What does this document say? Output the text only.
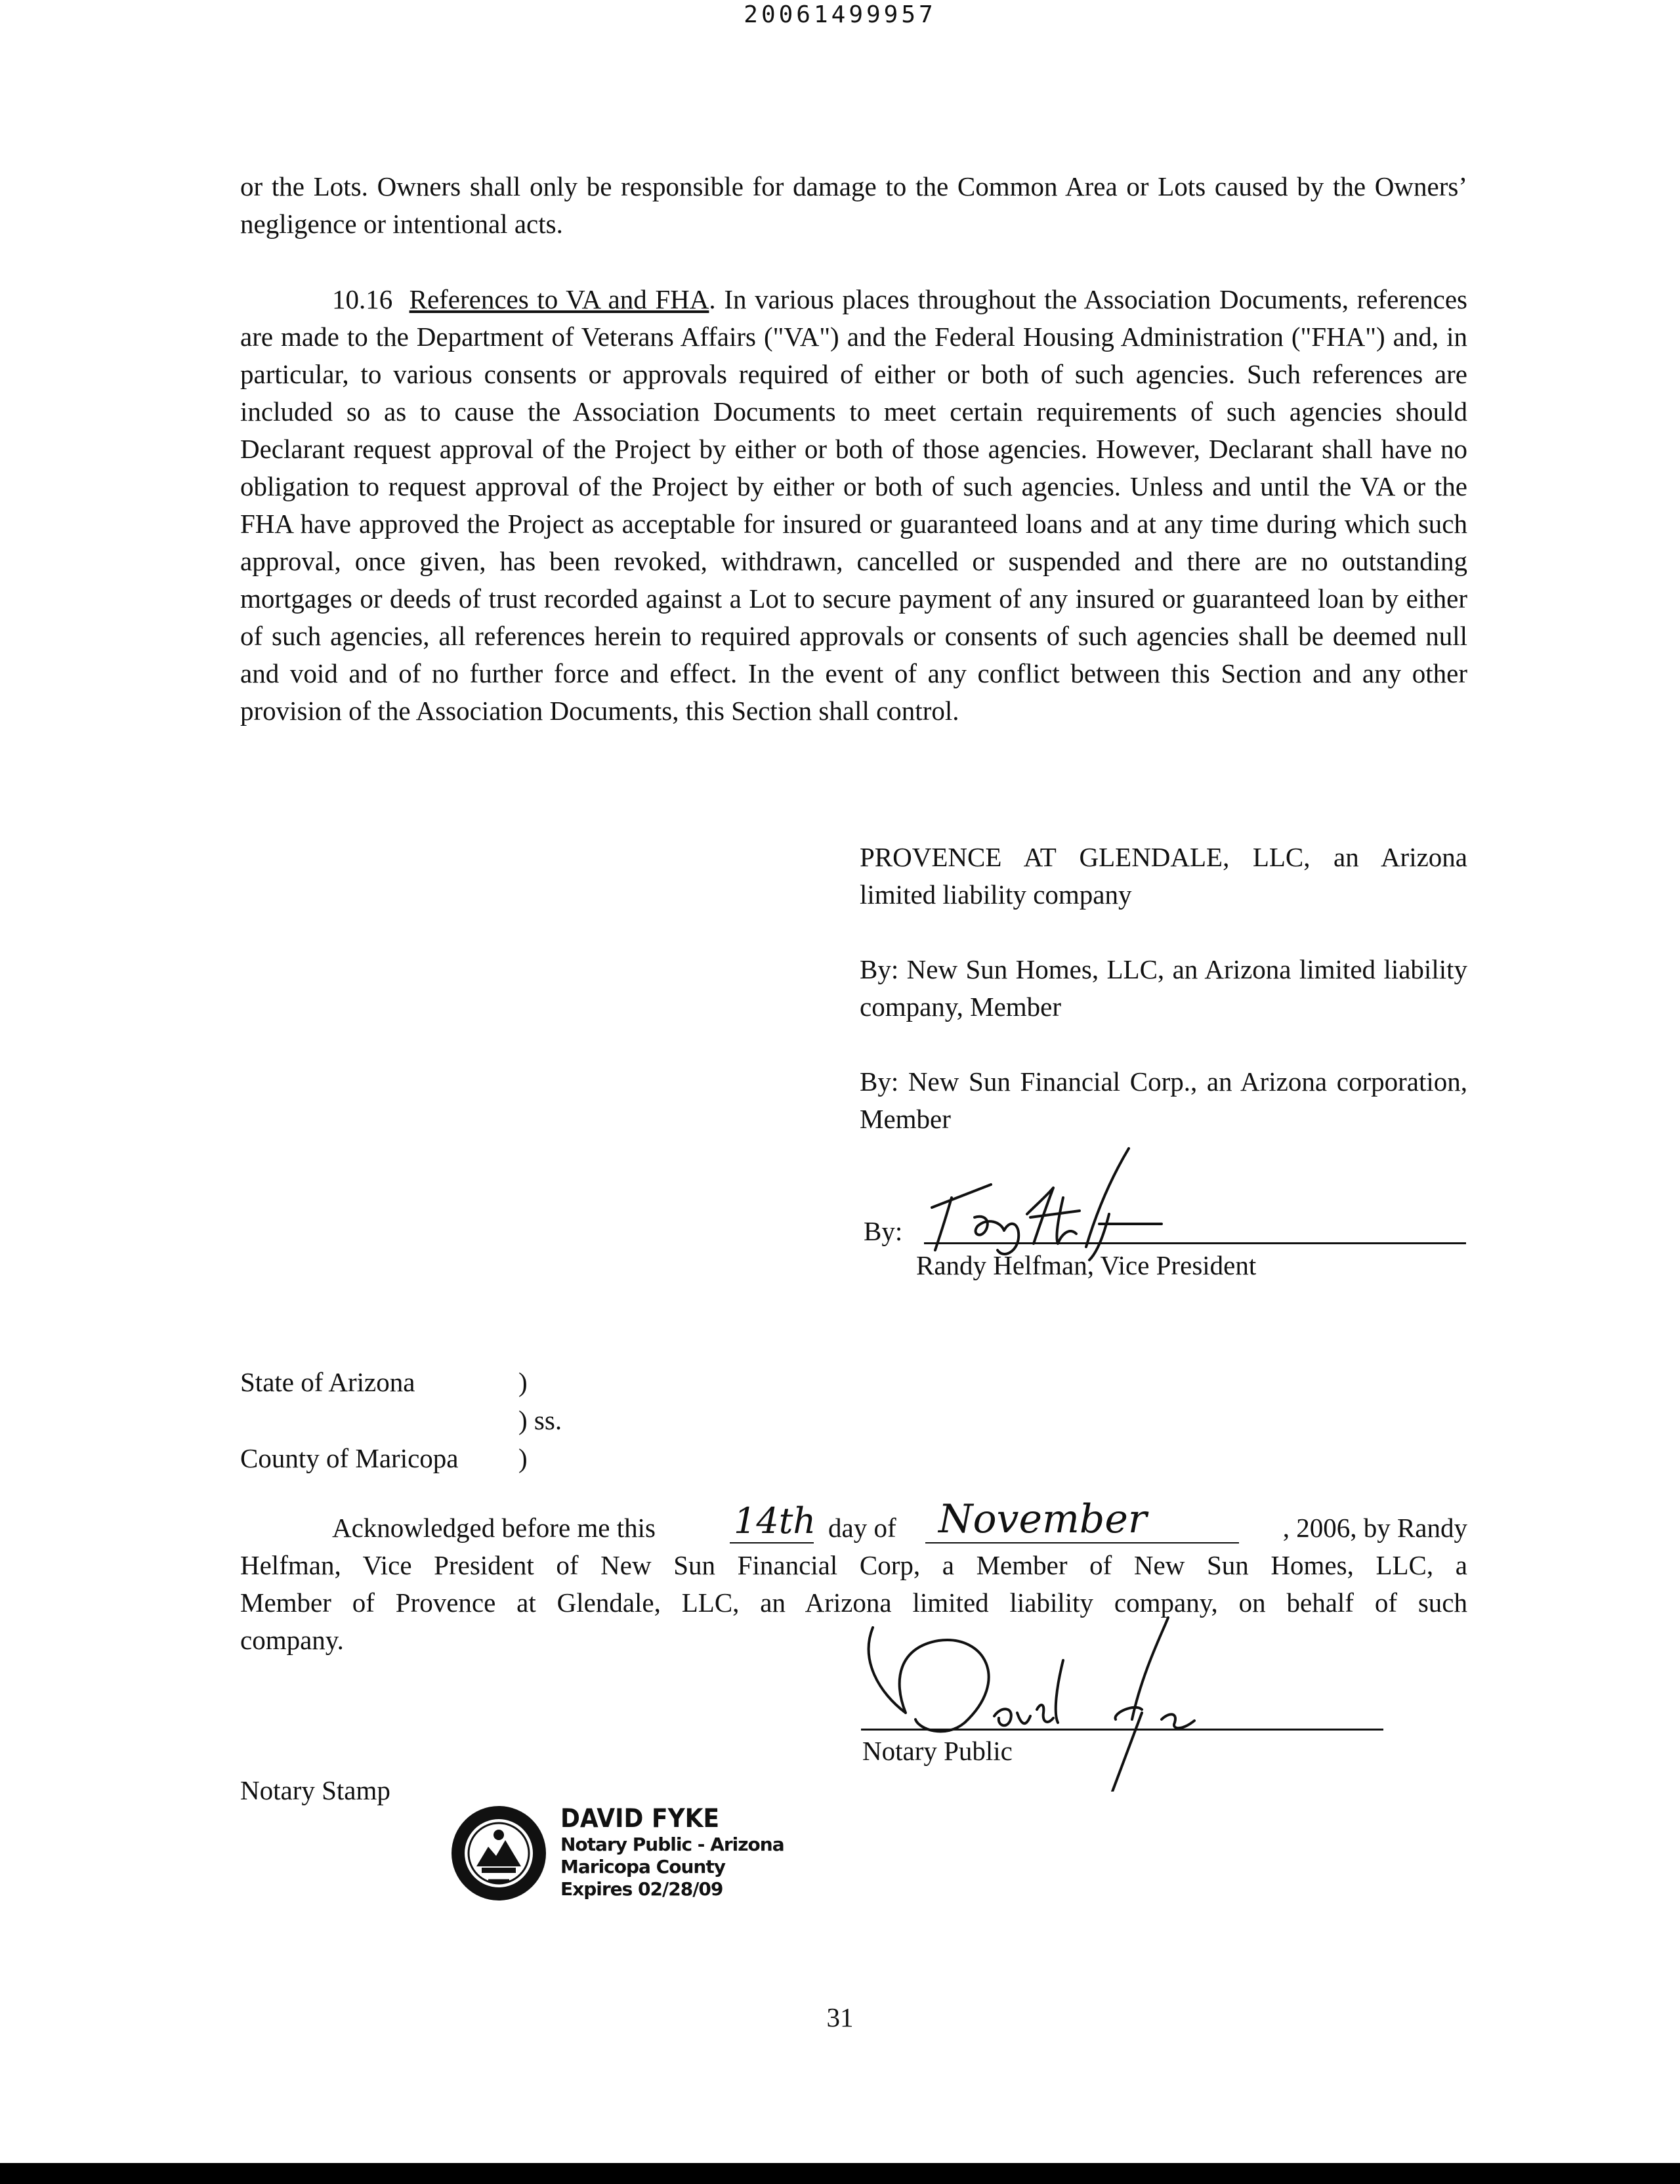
20061499957

or the Lots. Owners shall only be responsible for damage to the Common Area or Lots caused by the Owners’ negligence or intentional acts.

10.16 References to VA and FHA. In various places throughout the Association Documents, references are made to the Department of Veterans Affairs ("VA") and the Federal Housing Administration ("FHA") and, in particular, to various consents or approvals required of either or both of such agencies. Such references are included so as to cause the Association Documents to meet certain requirements of such agencies should Declarant request approval of the Project by either or both of those agencies. However, Declarant shall have no obligation to request approval of the Project by either or both of such agencies. Unless and until the VA or the FHA have approved the Project as acceptable for insured or guaranteed loans and at any time during which such approval, once given, has been revoked, withdrawn, cancelled or suspended and there are no outstanding mortgages or deeds of trust recorded against a Lot to secure payment of any insured or guaranteed loan by either of such agencies, all references herein to required approvals or consents of such agencies shall be deemed null and void and of no further force and effect. In the event of any conflict between this Section and any other provision of the Association Documents, this Section shall control.

PROVENCE AT GLENDALE, LLC, an Arizona limited liability company

By: New Sun Homes, LLC, an Arizona limited liability company, Member

By: New Sun Financial Corp., an Arizona corporation, Member

By:
Randy Helfman, Vice President
State of Arizona	)
) ss.
County of Maricopa )
Acknowledged before me this 14th day of November	, 2006, by Randy
Helfman, Vice President of New Sun Financial Corp, a Member of New Sun Homes, LLC, a
Member of Provence at Glendale, LLC, an Arizona limited liability company, on behalf of such
company.
Notary Public
Notary Stamp
DAVID FYKE
Notary Public - Arizona
Maricopa County
Expires 02/28/09
31
